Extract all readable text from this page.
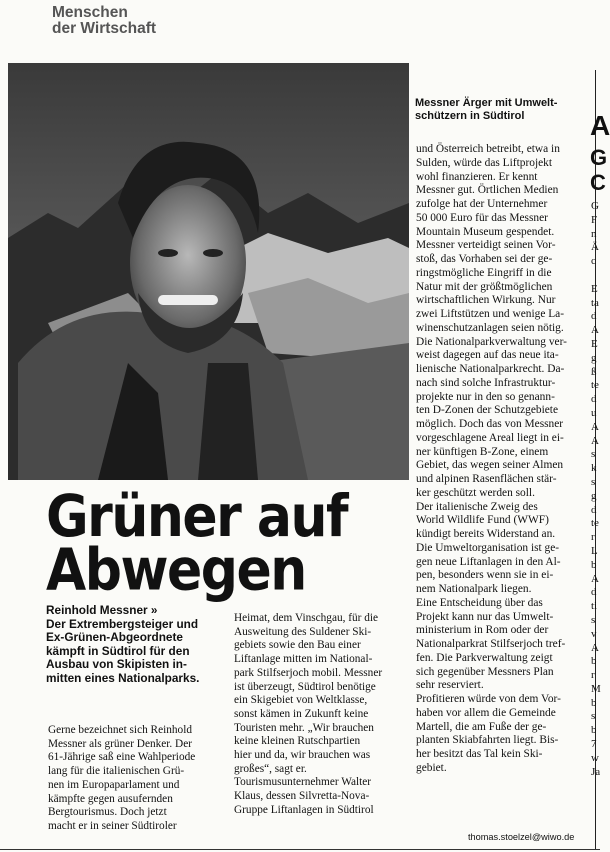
Menschen
der Wirtschaft
Messner Ärger mit Umwelt-
schützern in Südtirol
Grüner auf
Abwegen
Reinhold Messner »
Der Extrembergsteiger und
Ex-Grünen-Abgeordnete
kämpft in Südtirol für den
Ausbau von Skipisten in-
mitten eines Nationalparks.
Gerne bezeichnet sich Reinhold
Messner als grüner Denker. Der
61-Jährige saß eine Wahlperiode
lang für die italienischen Grü-
nen im Europaparlament und
kämpfte gegen ausufernden
Bergtourismus. Doch jetzt
macht er in seiner Südtiroler
Heimat, dem Vinschgau, für die
Ausweitung des Suldener Ski-
gebiets sowie den Bau einer
Liftanlage mitten im National-
park Stilfserjoch mobil. Messner
ist überzeugt, Südtirol benötige
ein Skigebiet von Weltklasse,
sonst kämen in Zukunft keine
Touristen mehr. „Wir brauchen
keine kleinen Rutschpartien
hier und da, wir brauchen was
großes“, sagt er.
Tourismusunternehmer Walter
Klaus, dessen Silvretta-Nova-
Gruppe Liftanlagen in Südtirol
und Österreich betreibt, etwa in
Sulden, würde das Liftprojekt
wohl finanzieren. Er kennt
Messner gut. Örtlichen Medien
zufolge hat der Unternehmer
50 000 Euro für das Messner
Mountain Museum gespendet.
Messner verteidigt seinen Vor-
stoß, das Vorhaben sei der ge-
ringstmögliche Eingriff in die
Natur mit der größtmöglichen
wirtschaftlichen Wirkung. Nur
zwei Liftstützen und wenige La-
winenschutzanlagen seien nötig.
Die Nationalparkverwaltung ver-
weist dagegen auf das neue ita-
lienische Nationalparkrecht. Da-
nach sind solche Infrastruktur-
projekte nur in den so genann-
ten D-Zonen der Schutzgebiete
möglich. Doch das von Messner
vorgeschlagene Areal liegt in ei-
ner künftigen B-Zone, einem
Gebiet, das wegen seiner Almen
und alpinen Rasenflächen stär-
ker geschützt werden soll.
Der italienische Zweig des
World Wildlife Fund (WWF)
kündigt bereits Widerstand an.
Die Umweltorganisation ist ge-
gen neue Liftanlagen in den Al-
pen, besonders wenn sie in ei-
nem Nationalpark liegen.
Eine Entscheidung über das
Projekt kann nur das Umwelt-
ministerium in Rom oder der
Nationalparkrat Stilfserjoch tref-
fen. Die Parkverwaltung zeigt
sich gegenüber Messners Plan
sehr reserviert.
Profitieren würde von dem Vor-
haben vor allem die Gemeinde
Martell, die am Fuße der ge-
planten Skiabfahrten liegt. Bis-
her besitzt das Tal kein Ski-
gebiet.
thomas.stoelzel@wiwo.de
A
G
C
G
F
n
Ä
c

E
ta
d
A
E
g
ß
te
d
u
A
A
s
k
s
g
d
te
r
L
b
A
d
ti
s
v
A
b
r
M
b
s
b
7
w
Ja
